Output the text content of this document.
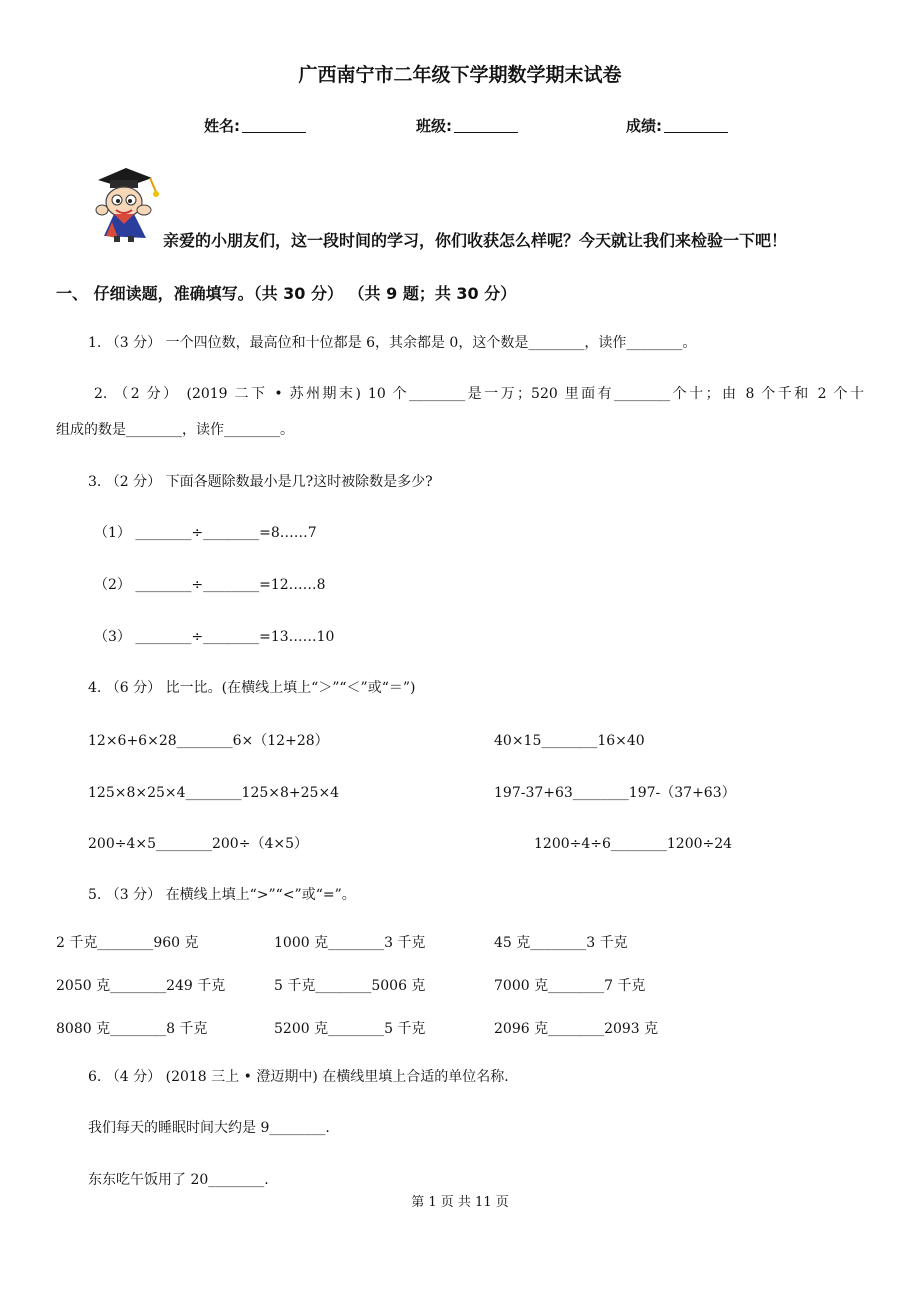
广西南宁市二年级下学期数学期末试卷
姓名:	班级:	成绩:
亲爱的小朋友们，这一段时间的学习，你们收获怎么样呢？今天就让我们来检验一下吧！
一、 仔细读题，准确填写。（共 30 分） （共 9 题；共 30 分）
1. （3 分） 一个四位数，最高位和十位都是 6，其余都是 0，这个数是________，读作________。
2. （2 分） (2019 二下 • 苏州期末) 10 个________是一万；520 里面有________个十；由 8 个千和 2 个十
组成的数是________，读作________。
3. （2 分） 下面各题除数最小是几?这时被除数是多少?
（1） ________÷________=8……7
（2） ________÷________=12……8
（3） ________÷________=13……10
4. （6 分） 比一比。(在横线上填上“＞”“＜”或“＝”)
12×6+6×28________6×（12+28）	40×15________16×40
125×8×25×4________125×8+25×4	197-37+63________197-（37+63）
200÷4×5________200÷（4×5）	1200÷4÷6________1200÷24
5. （3 分） 在横线上填上“>”“<”或“=”。
2 千克________960 克	1000 克________3 千克	45 克________3 千克
2050 克________249 千克	5 千克________5006 克	7000 克________7 千克
8080 克________8 千克	5200 克________5 千克	2096 克________2093 克
6. （4 分） (2018 三上 • 澄迈期中) 在横线里填上合适的单位名称.
我们每天的睡眠时间大约是 9________.
东东吃午饭用了 20________.
第 1 页 共 11 页
